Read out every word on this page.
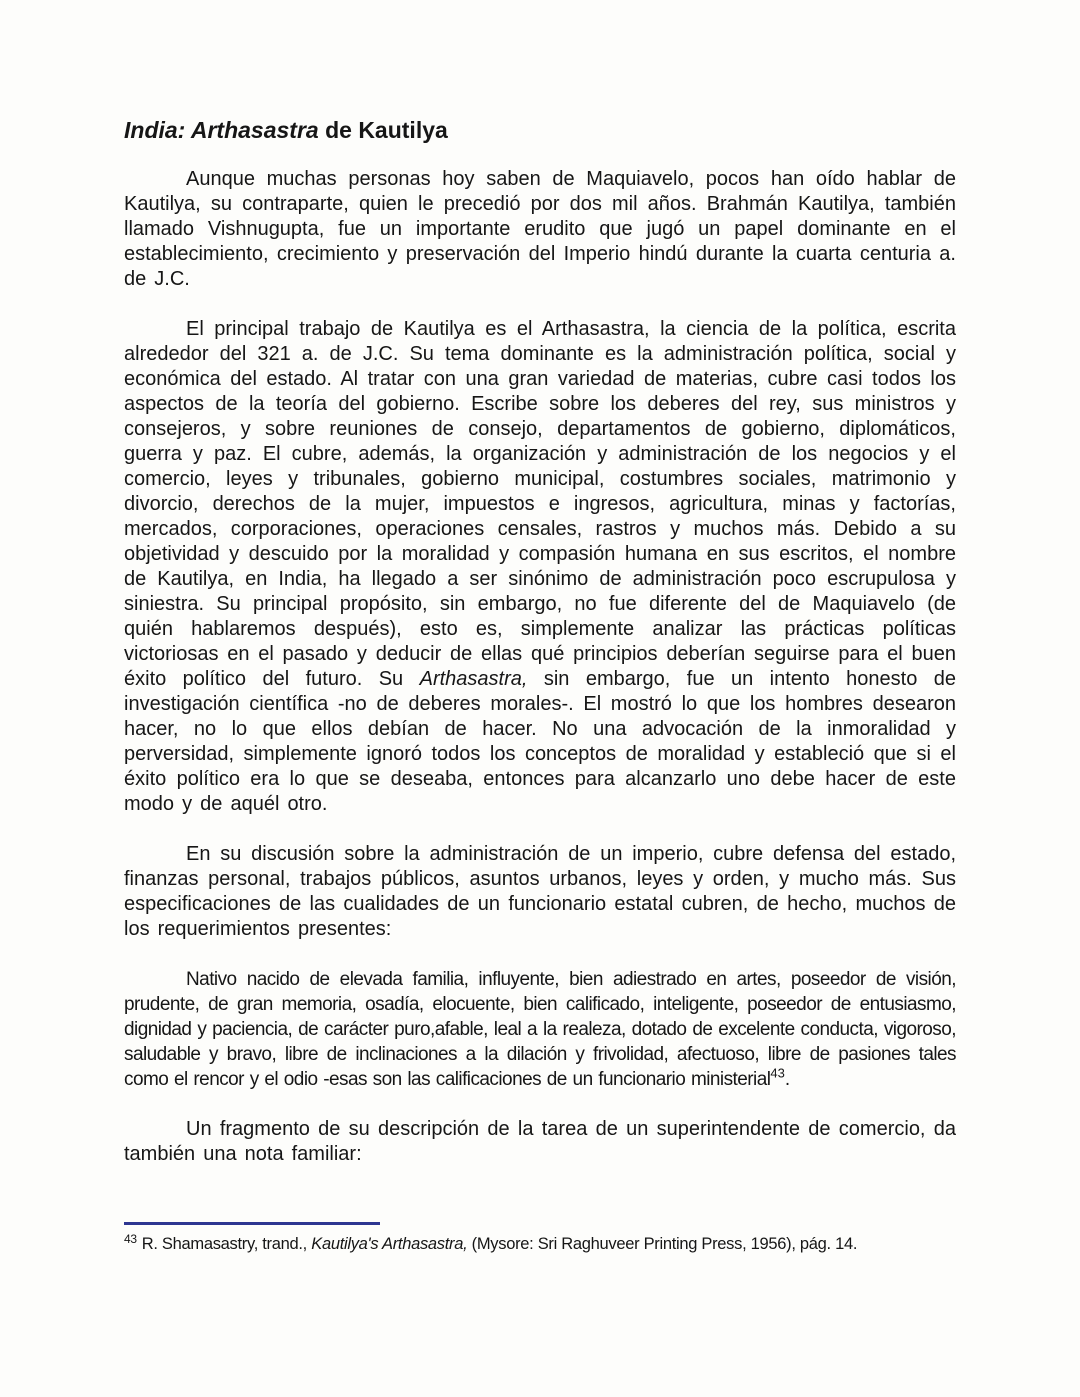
India: Arthasastra de Kautilya

Aunque muchas personas hoy saben de Maquiavelo, pocos han oído hablar de Kautilya, su contraparte, quien le precedió por dos mil años. Brahmán Kautilya, también llamado Vishnugupta, fue un importante erudito que jugó un papel dominante en el establecimiento, crecimiento y preservación del Imperio hindú durante la cuarta centuria a. de J.C.

El principal trabajo de Kautilya es el Arthasastra, la ciencia de la política, escrita alrededor del 321 a. de J.C. Su tema dominante es la administración política, social y económica del estado. Al tratar con una gran variedad de materias, cubre casi todos los aspectos de la teoría del gobierno. Escribe sobre los deberes del rey, sus ministros y consejeros, y sobre reuniones de consejo, departamentos de gobierno, diplomáticos, guerra y paz. El cubre, además, la organización y administración de los negocios y el comercio, leyes y tribunales, gobierno municipal, costumbres sociales, matrimonio y divorcio, derechos de la mujer, impuestos e ingresos, agricultura, minas y factorías, mercados, corporaciones, operaciones censales, rastros y muchos más. Debido a su objetividad y descuido por la moralidad y compasión humana en sus escritos, el nombre de Kautilya, en India, ha llegado a ser sinónimo de administración poco escrupulosa y siniestra. Su principal propósito, sin embargo, no fue diferente del de Maquiavelo (de quién hablaremos después), esto es, simplemente analizar las prácticas políticas victoriosas en el pasado y deducir de ellas qué principios deberían seguirse para el buen éxito político del futuro. Su Arthasastra, sin embargo, fue un intento honesto de investigación científica -no de deberes morales-. El mostró lo que los hombres desearon hacer, no lo que ellos debían de hacer. No una advocación de la inmoralidad y perversidad, simplemente ignoró todos los conceptos de moralidad y estableció que si el éxito político era lo que se deseaba, entonces para alcanzarlo uno debe hacer de este modo y de aquél otro.

En su discusión sobre la administración de un imperio, cubre defensa del estado, finanzas personal, trabajos públicos, asuntos urbanos, leyes y orden, y mucho más. Sus especificaciones de las cualidades de un funcionario estatal cubren, de hecho, muchos de los requerimientos presentes:

Nativo nacido de elevada familia, influyente, bien adiestrado en artes, poseedor de visión, prudente, de gran memoria, osadía, elocuente, bien calificado, inteligente, poseedor de entusiasmo, dignidad y paciencia, de carácter puro,afable, leal a la realeza, dotado de excelente conducta, vigoroso, saludable y bravo, libre de inclinaciones a la dilación y frivolidad, afectuoso, libre de pasiones tales como el rencor y el odio -esas son las calificaciones de un funcionario ministerial$^{43}$.

Un fragmento de su descripción de la tarea de un superintendente de comercio, da también una nota familiar:

$^{43}$ R. Shamasastry, trand., Kautilya's Arthasastra, (Mysore: Sri Raghuveer Printing Press, 1956), pág. 14.
